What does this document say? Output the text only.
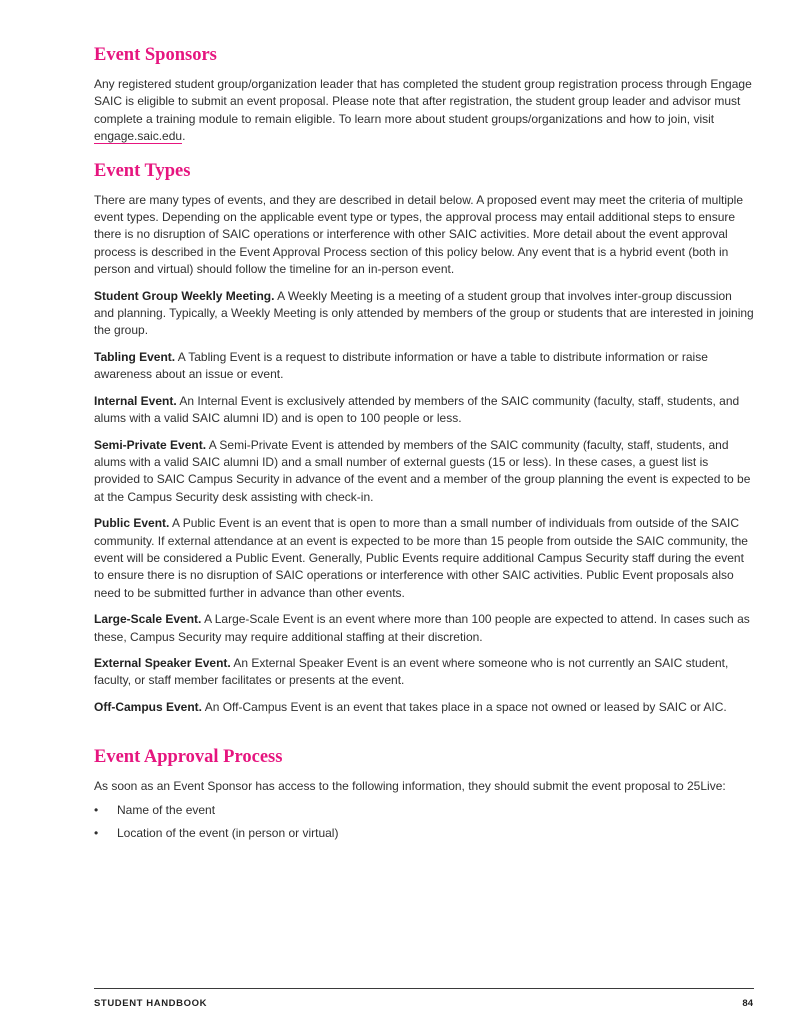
Event Sponsors

Any registered student group/organization leader that has completed the student group registration process through Engage SAIC is eligible to submit an event proposal. Please note that after registration, the student group leader and advisor must complete a training module to remain eligible. To learn more about student groups/organizations and how to join, visit engage.saic.edu.

Event Types

There are many types of events, and they are described in detail below. A proposed event may meet the criteria of multiple event types. Depending on the applicable event type or types, the approval process may entail additional steps to ensure there is no disruption of SAIC operations or interference with other SAIC activities. More detail about the event approval process is described in the Event Approval Process section of this policy below. Any event that is a hybrid event (both in person and virtual) should follow the timeline for an in-person event.

Student Group Weekly Meeting. A Weekly Meeting is a meeting of a student group that involves inter-group discussion and planning. Typically, a Weekly Meeting is only attended by members of the group or students that are interested in joining the group.

Tabling Event. A Tabling Event is a request to distribute information or have a table to distribute information or raise awareness about an issue or event.

Internal Event. An Internal Event is exclusively attended by members of the SAIC community (faculty, staff, students, and alums with a valid SAIC alumni ID) and is open to 100 people or less.

Semi-Private Event. A Semi-Private Event is attended by members of the SAIC community (faculty, staff, students, and alums with a valid SAIC alumni ID) and a small number of external guests (15 or less). In these cases, a guest list is provided to SAIC Campus Security in advance of the event and a member of the group planning the event is expected to be at the Campus Security desk assisting with check-in.

Public Event. A Public Event is an event that is open to more than a small number of individuals from outside of the SAIC community. If external attendance at an event is expected to be more than 15 people from outside the SAIC community, the event will be considered a Public Event. Generally, Public Events require additional Campus Security staff during the event to ensure there is no disruption of SAIC operations or interference with other SAIC activities. Public Event proposals also need to be submitted further in advance than other events.

Large-Scale Event. A Large-Scale Event is an event where more than 100 people are expected to attend. In cases such as these, Campus Security may require additional staffing at their discretion.

External Speaker Event. An External Speaker Event is an event where someone who is not currently an SAIC student, faculty, or staff member facilitates or presents at the event.

Off-Campus Event. An Off-Campus Event is an event that takes place in a space not owned or leased by SAIC or AIC.

Event Approval Process

As soon as an Event Sponsor has access to the following information, they should submit the event proposal to 25Live:

• Name of the event
• Location of the event (in person or virtual)
STUDENT HANDBOOK	84
